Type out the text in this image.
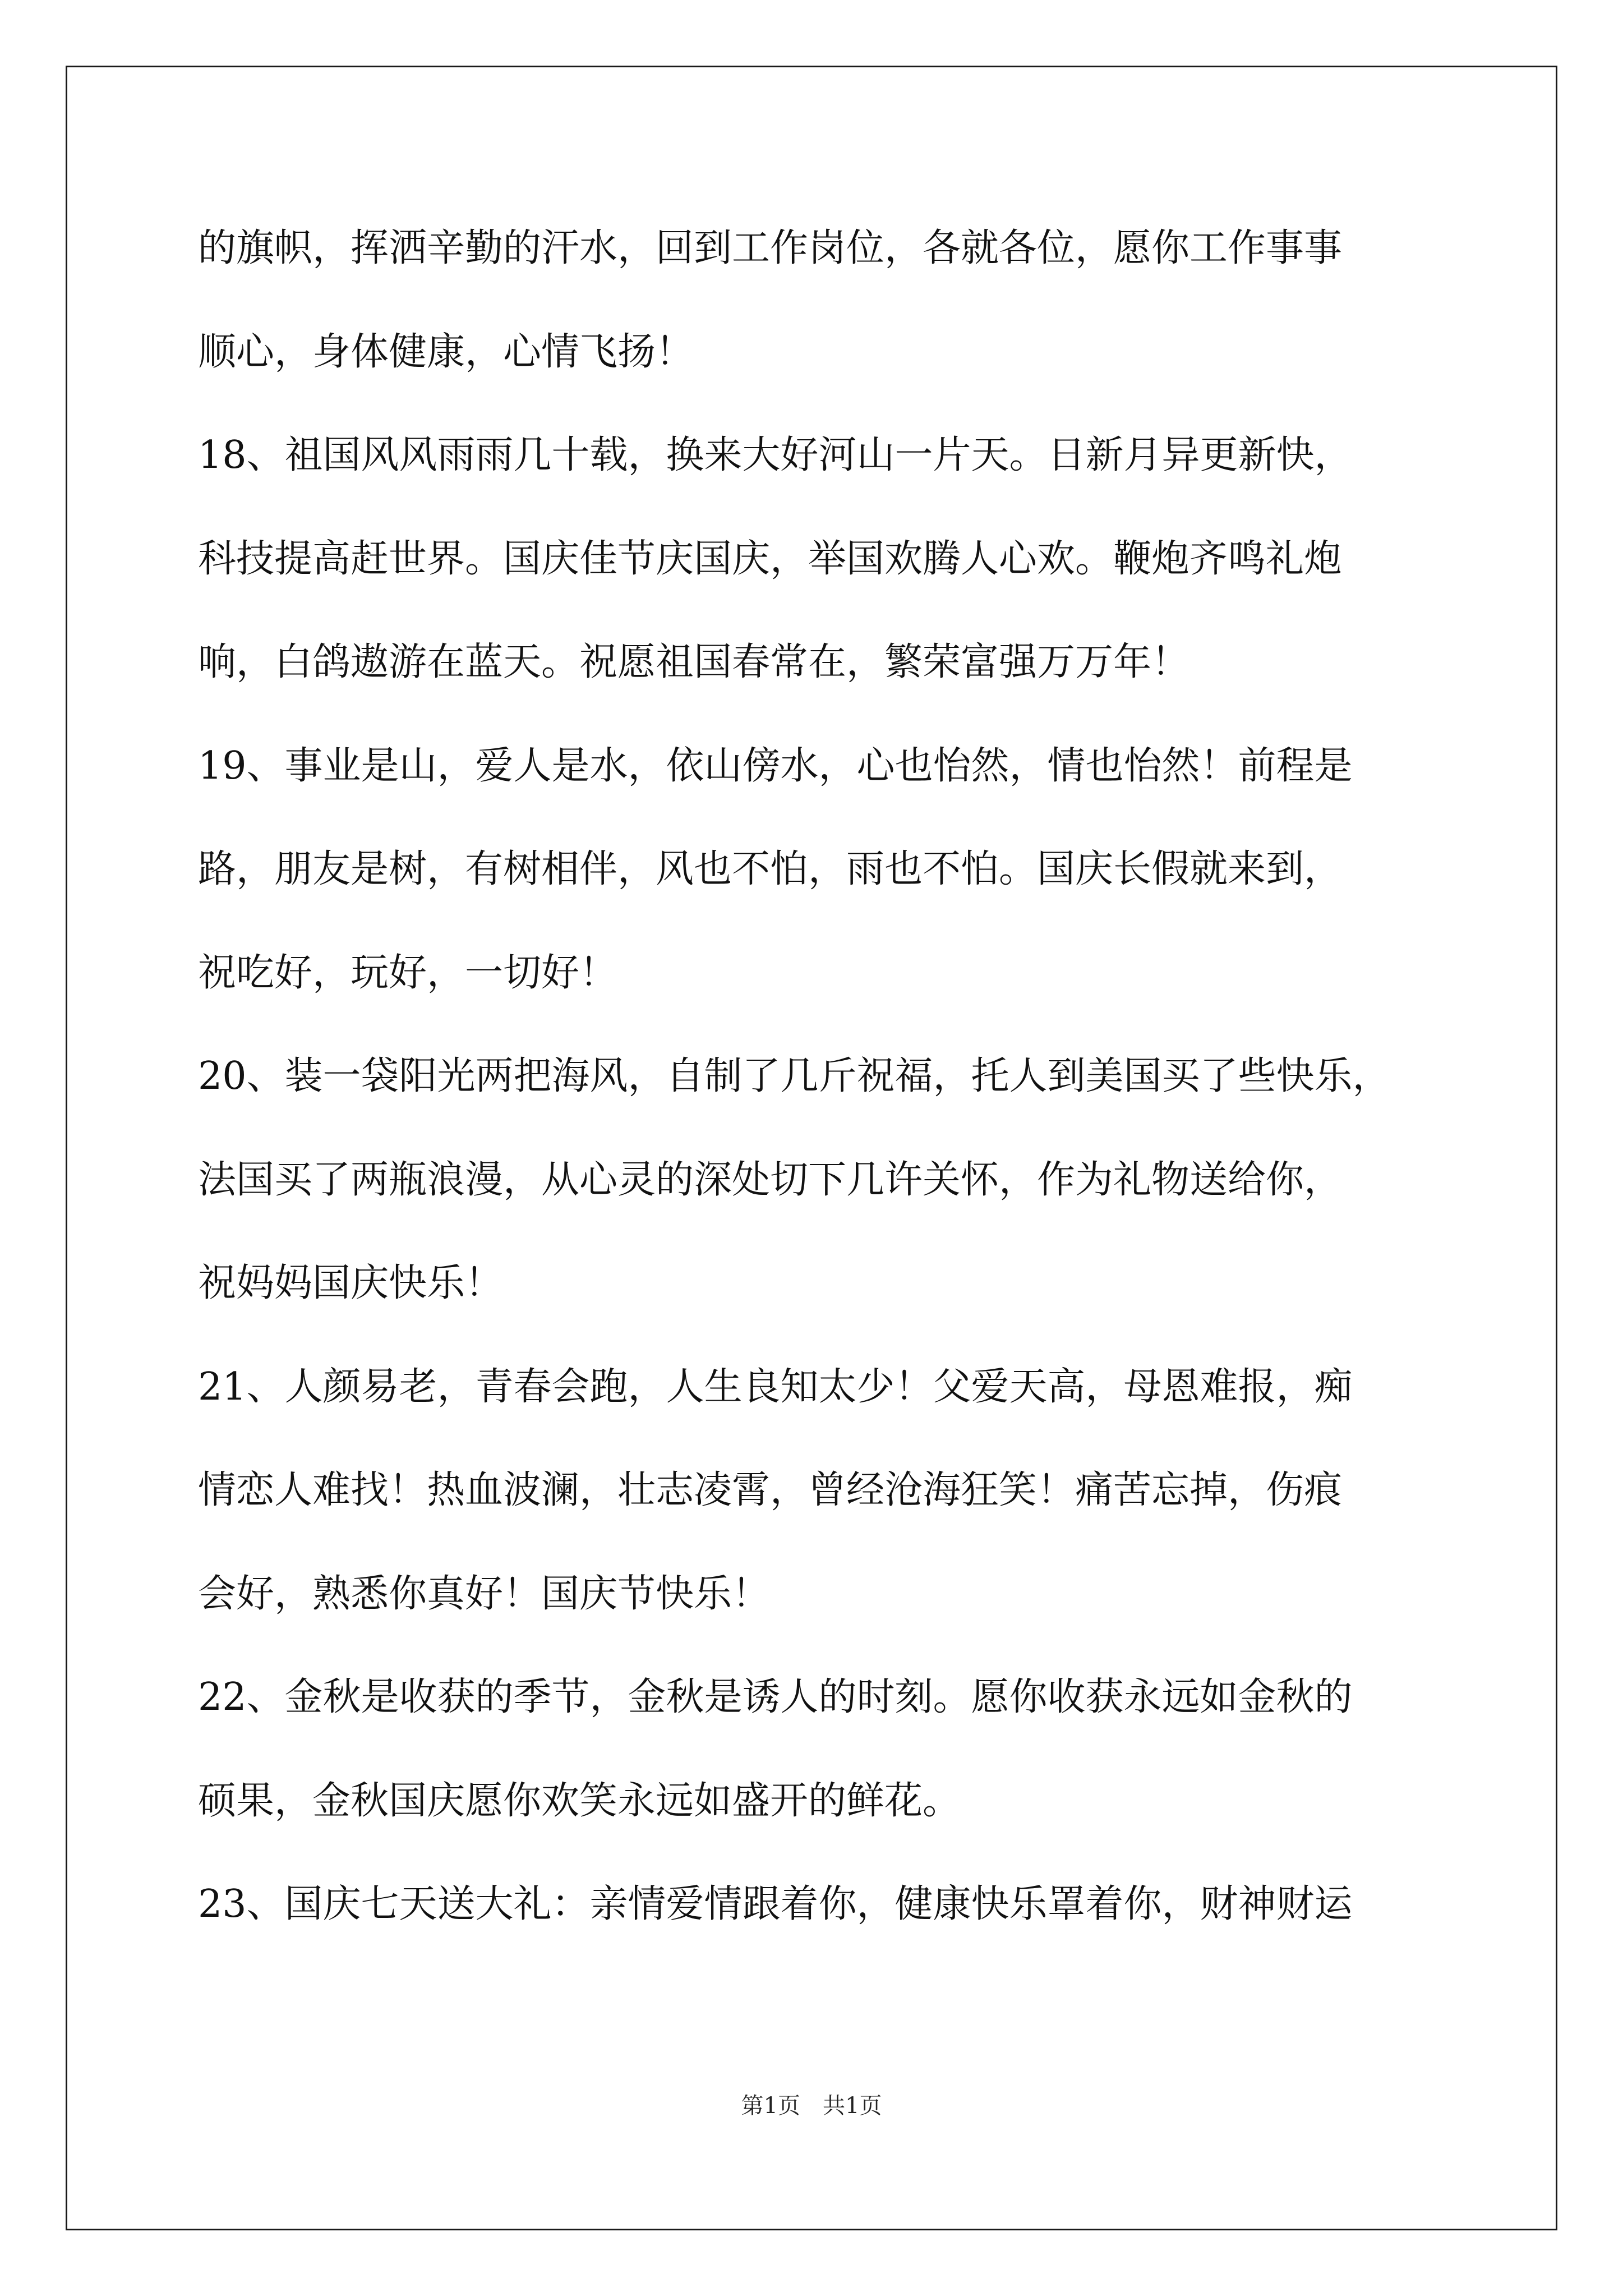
的旗帜，挥洒辛勤的汗水，回到工作岗位，各就各位，愿你工作事事
顺心，身体健康，心情飞扬！
18、祖国风风雨雨几十载，换来大好河山一片天。日新月异更新快，
科技提高赶世界。国庆佳节庆国庆，举国欢腾人心欢。鞭炮齐鸣礼炮
响，白鸽遨游在蓝天。祝愿祖国春常在，繁荣富强万万年！
19、事业是山，爱人是水，依山傍水，心也怡然，情也怡然！前程是
路，朋友是树，有树相伴，风也不怕，雨也不怕。国庆长假就来到，
祝吃好，玩好，一切好！
20、装一袋阳光两把海风，自制了几斤祝福，托人到美国买了些快乐，
法国买了两瓶浪漫，从心灵的深处切下几许关怀，作为礼物送给你，
祝妈妈国庆快乐！
21、人颜易老，青春会跑，人生良知太少！父爱天高，母恩难报，痴
情恋人难找！热血波澜，壮志凌霄，曾经沧海狂笑！痛苦忘掉，伤痕
会好，熟悉你真好！国庆节快乐！
22、金秋是收获的季节，金秋是诱人的时刻。愿你收获永远如金秋的
硕果，金秋国庆愿你欢笑永远如盛开的鲜花。
23、国庆七天送大礼：亲情爱情跟着你，健康快乐罩着你，财神财运
第1页 共1页
